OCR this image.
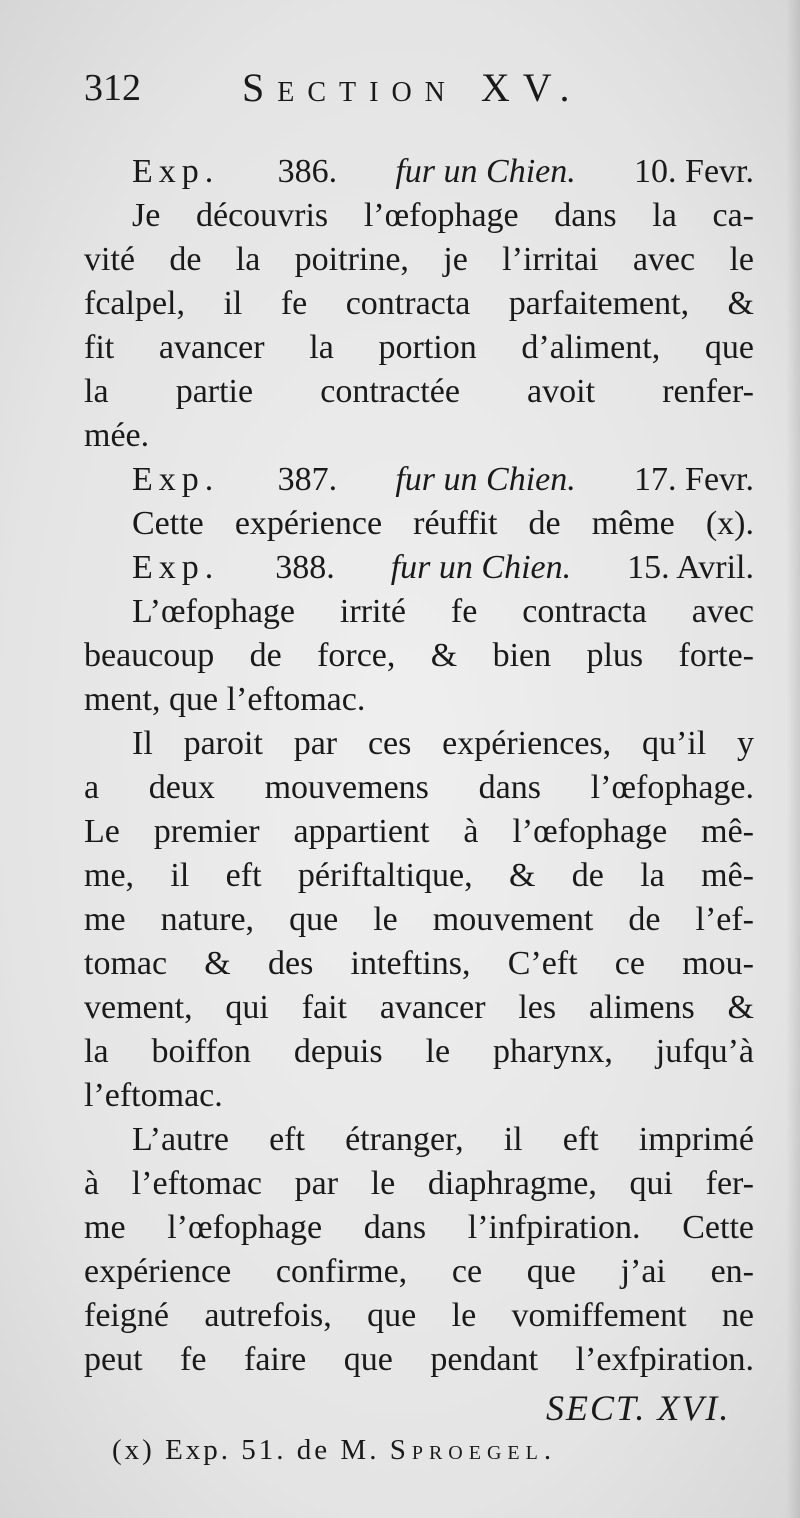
312	Section XV.
Exp. 386. fur un Chien. 10. Fevr.
Je découvris l’œfophage dans la ca-
vité de la poitrine, je l’irritai avec le
fcalpel, il fe contracta parfaitement, &
fit avancer la portion d’aliment, que
la partie contractée avoit renfer-
mée.
Exp. 387. fur un Chien. 17. Fevr.
Cette expérience réuffit de même (x).
Exp. 388. fur un Chien. 15. Avril.
L’œfophage irrité fe contracta avec
beaucoup de force, & bien plus forte-
ment, que l’eftomac.
Il paroit par ces expériences, qu’il y
a deux mouvemens dans l’œfophage.
Le premier appartient à l’œfophage mê-
me, il eft périftaltique, & de la mê-
me nature, que le mouvement de l’ef-
tomac & des inteftins, C’eft ce mou-
vement, qui fait avancer les alimens &
la boiffon depuis le pharynx, jufqu’à
l’eftomac.
L’autre eft étranger, il eft imprimé
à l’eftomac par le diaphragme, qui fer-
me l’œfophage dans l’infpiration. Cette
expérience confirme, ce que j’ai en-
feigné autrefois, que le vomiffement ne
peut fe faire que pendant l’exfpiration.
SECT. XVI.
(x) Exp. 51. de M. Sproegel.
